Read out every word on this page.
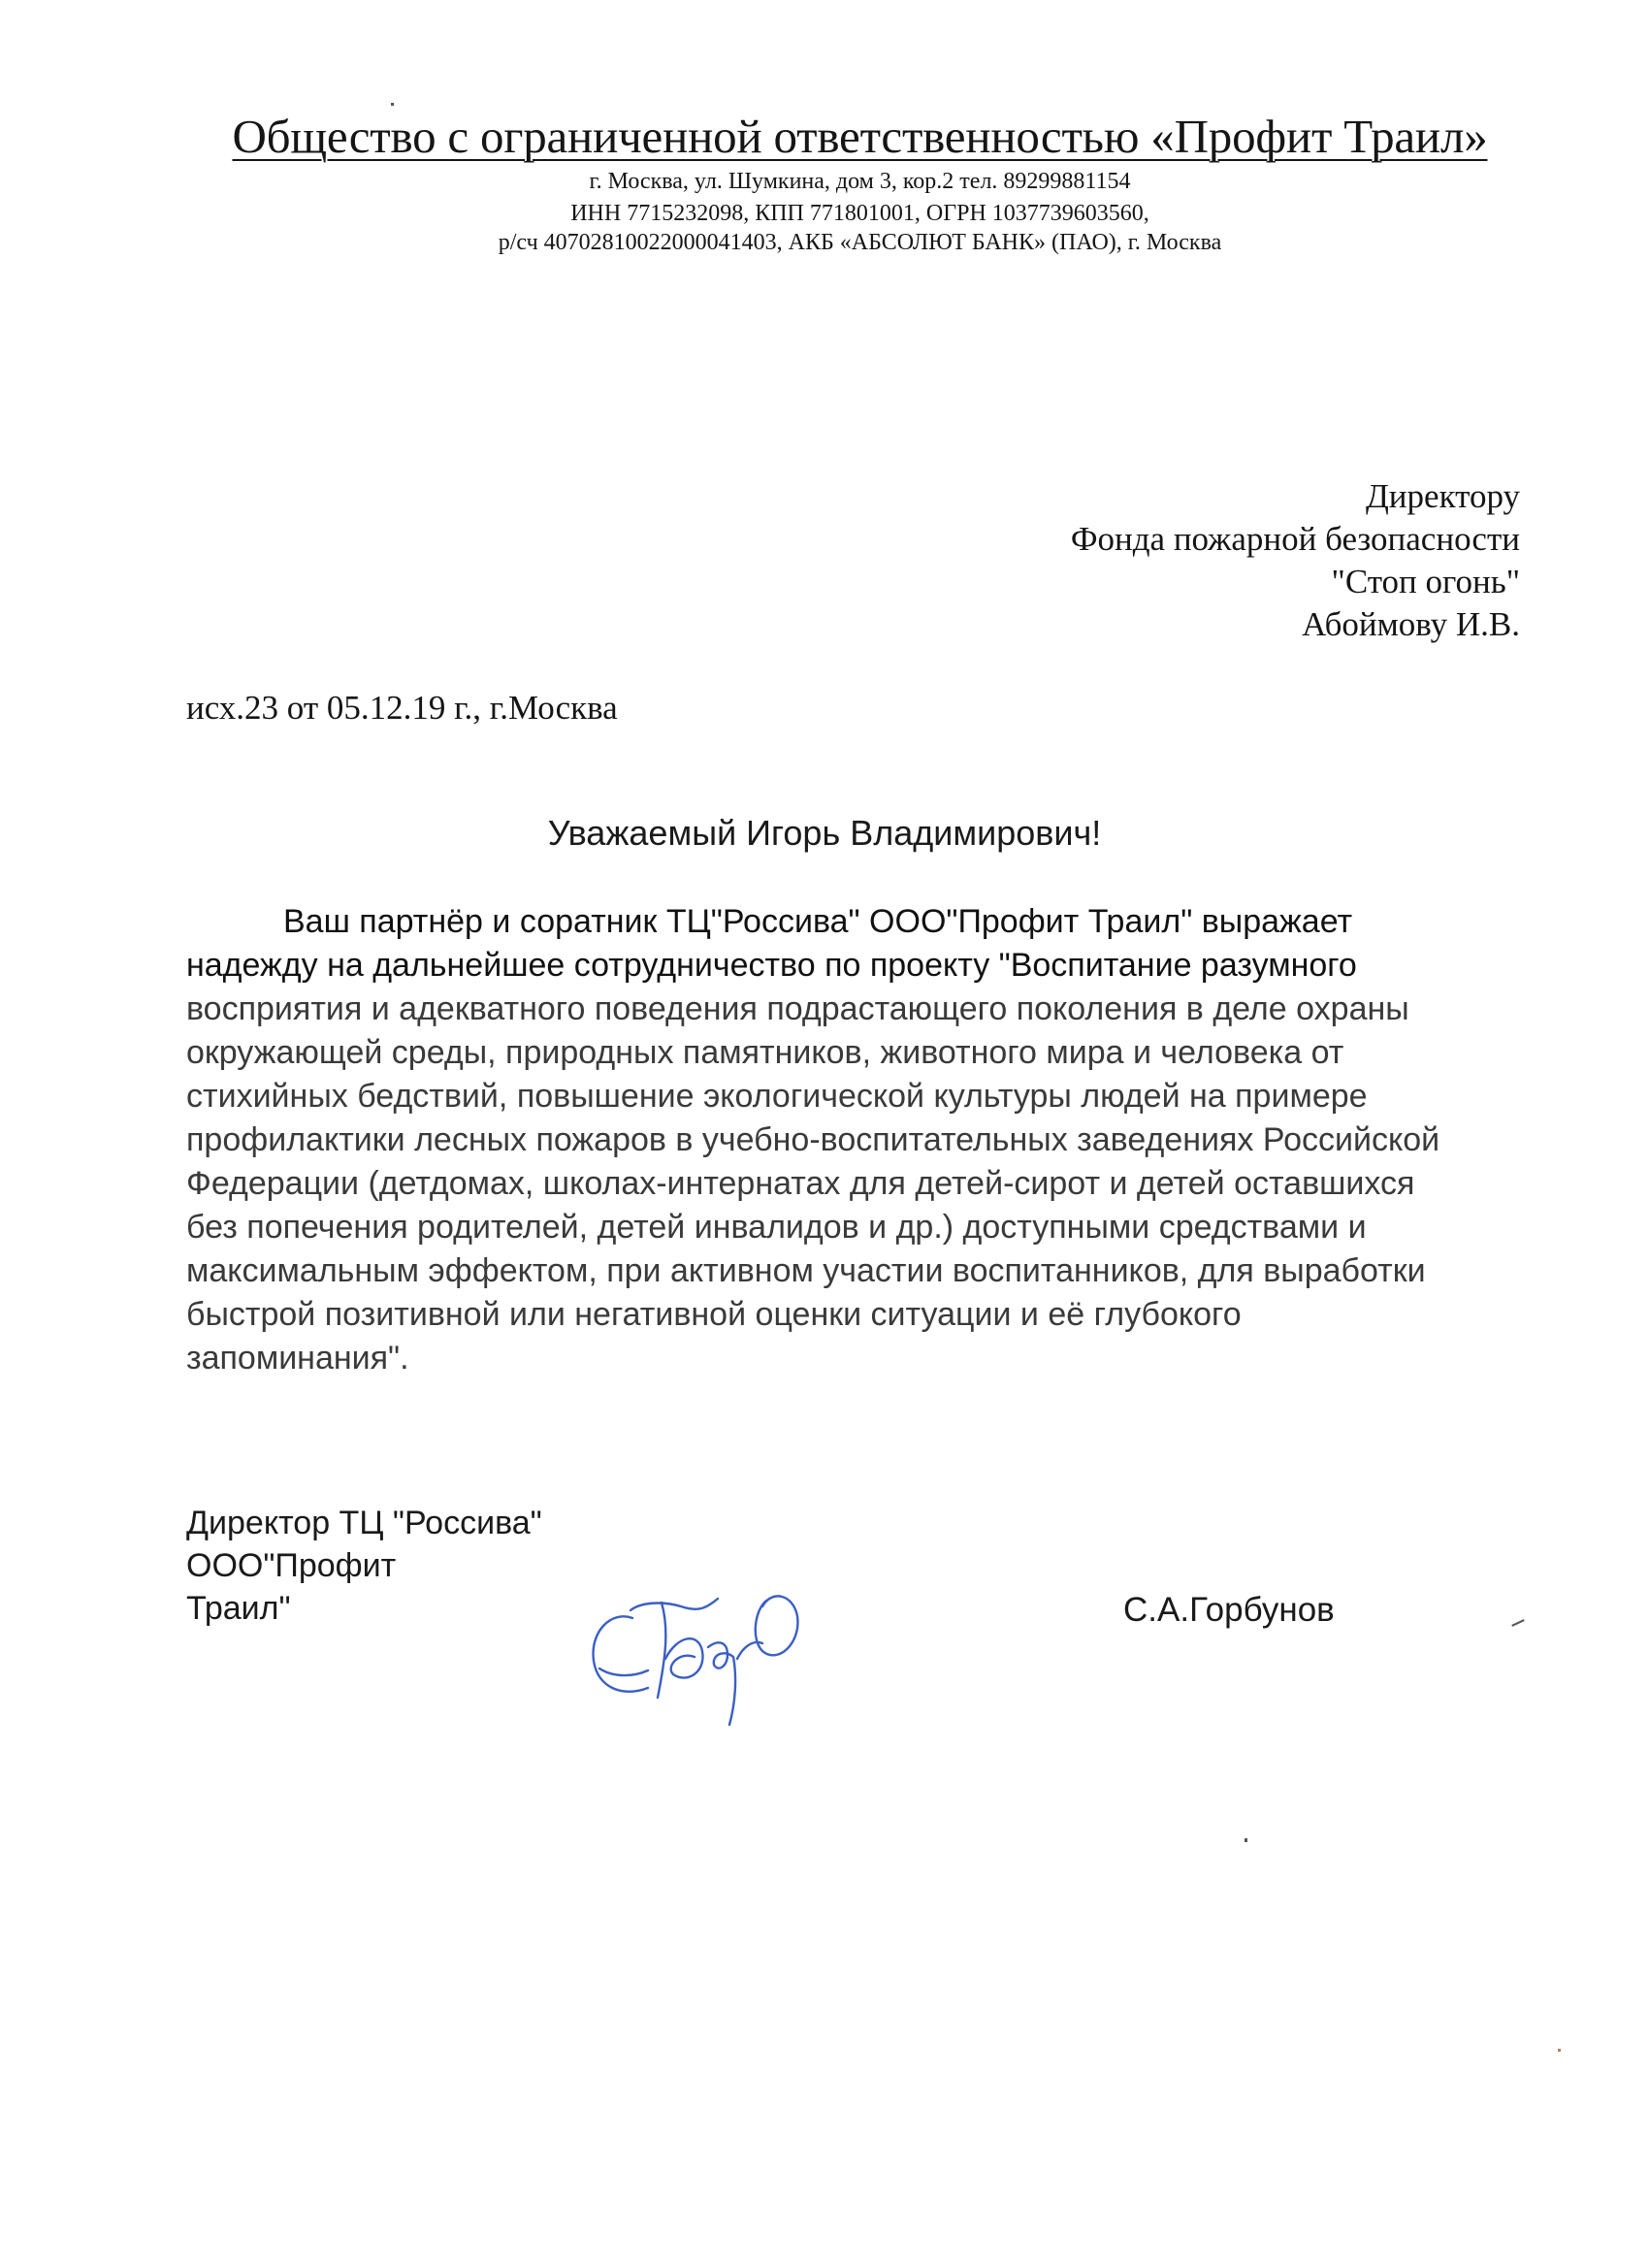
Общество с ограниченной ответственностью «Профит Траил»
г. Москва, ул. Шумкина, дом 3, кор.2 тел. 89299881154
ИНН 7715232098, КПП 771801001, ОГРН 1037739603560,
р/сч 40702810022000041403, АКБ «АБСОЛЮТ БАНК» (ПАО), г. Москва
Директору
Фонда пожарной безопасности
"Стоп огонь"
Абоймову И.В.
исх.23 от 05.12.19 г., г.Москва
Уважаемый Игорь Владимирович!
Ваш партнёр и соратник ТЦ"Россива" ООО"Профит Траил" выражает
надежду на дальнейшее сотрудничество по проекту "Воспитание разумного
восприятия и адекватного поведения подрастающего поколения в деле охраны
окружающей среды, природных памятников, животного мира и человека от
стихийных бедствий, повышение экологической культуры людей на примере
профилактики лесных пожаров в учебно-воспитательных заведениях Российской
Федерации (детдомах, школах-интернатах для детей-сирот и детей оставшихся
без попечения родителей, детей инвалидов и др.) доступными средствами и
максимальным эффектом, при активном участии воспитанников, для выработки
быстрой позитивной или негативной оценки ситуации и её глубокого
запоминания".
Директор ТЦ "Россива"
ООО"Профит
Траил"	С.А.Горбунов
